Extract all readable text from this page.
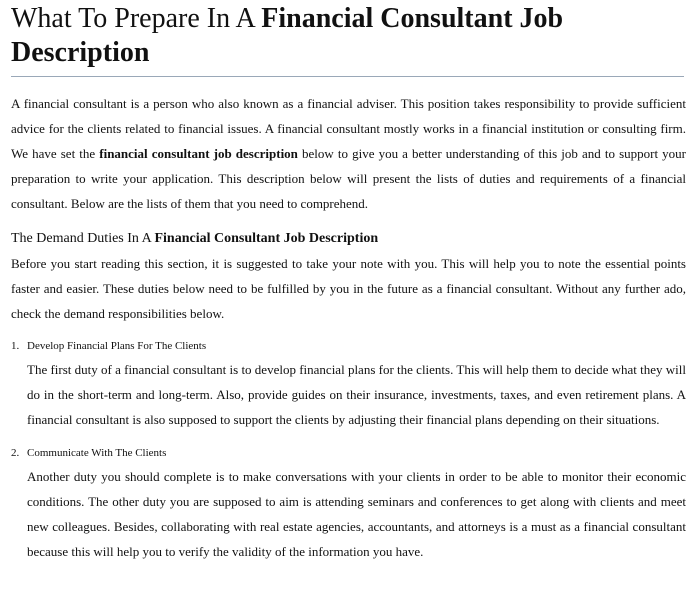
What To Prepare In A Financial Consultant Job Description

A financial consultant is a person who also known as a financial adviser. This position takes responsibility to provide sufficient advice for the clients related to financial issues. A financial consultant mostly works in a financial institution or consulting firm. We have set the financial consultant job description below to give you a better understanding of this job and to support your preparation to write your application. This description below will present the lists of duties and requirements of a financial consultant. Below are the lists of them that you need to comprehend.

The Demand Duties In A Financial Consultant Job Description

Before you start reading this section, it is suggested to take your note with you. This will help you to note the essential points faster and easier. These duties below need to be fulfilled by you in the future as a financial consultant. Without any further ado, check the demand responsibilities below.

1. Develop Financial Plans For The Clients

The first duty of a financial consultant is to develop financial plans for the clients. This will help them to decide what they will do in the short-term and long-term. Also, provide guides on their insurance, investments, taxes, and even retirement plans. A financial consultant is also supposed to support the clients by adjusting their financial plans depending on their situations.

2. Communicate With The Clients

Another duty you should complete is to make conversations with your clients in order to be able to monitor their economic conditions. The other duty you are supposed to aim is attending seminars and conferences to get along with clients and meet new colleagues. Besides, collaborating with real estate agencies, accountants, and attorneys is a must as a financial consultant because this will help you to verify the validity of the information you have.
